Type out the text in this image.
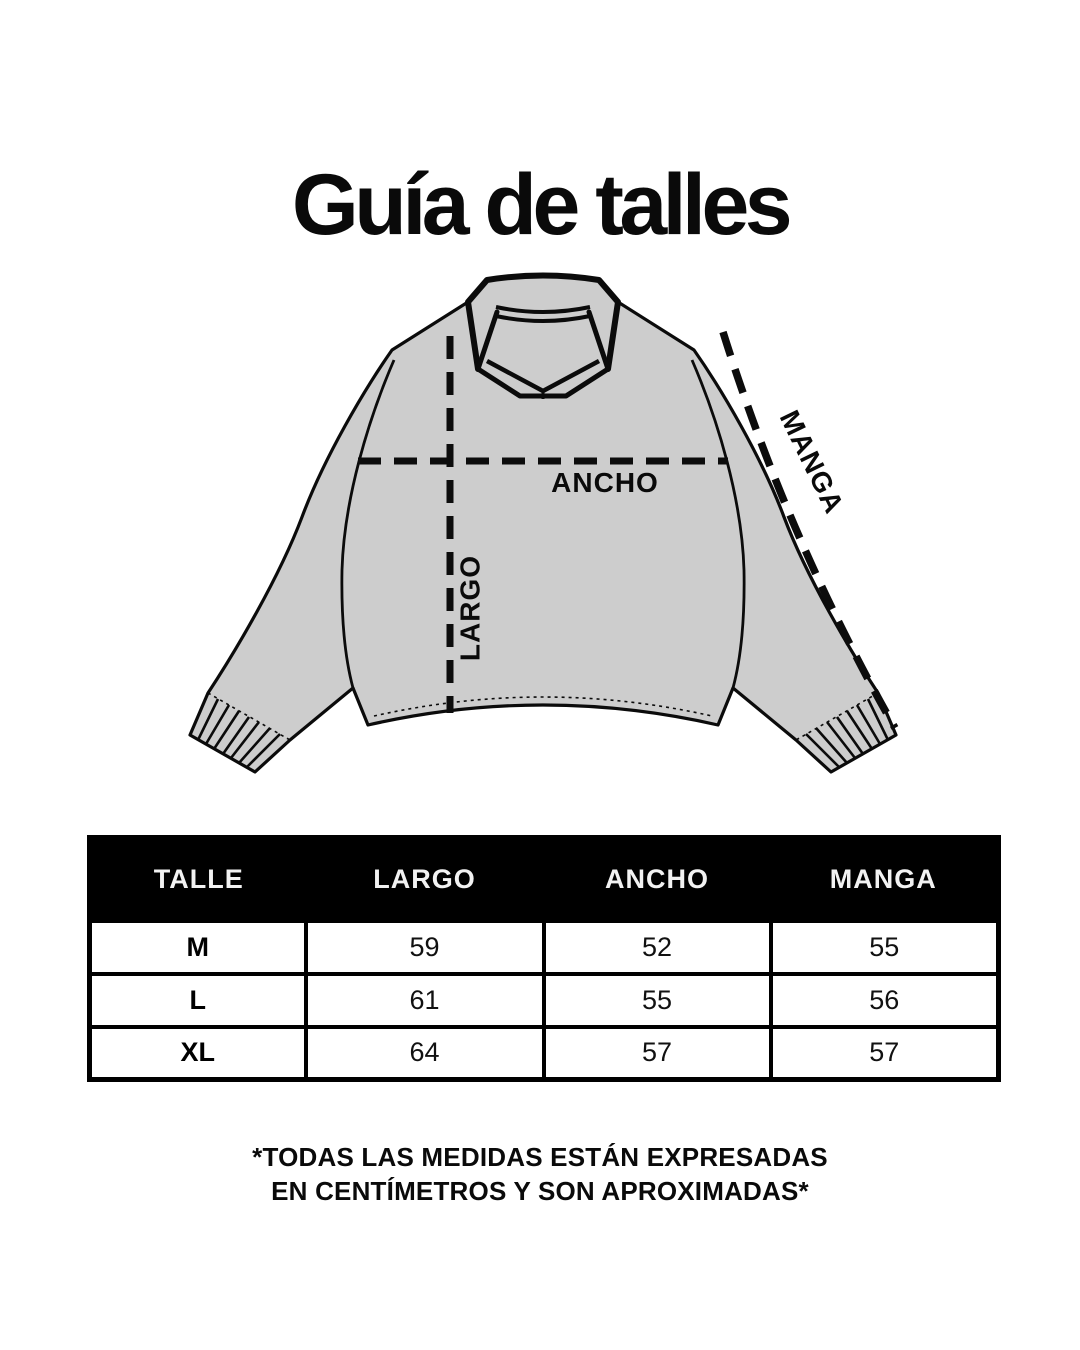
Guía de talles
ANCHO
LARGO
MANGA
TALLE	LARGO	ANCHO	MANGA
M	59	52	55
L	61	55	56
XL	64	57	57
*TODAS LAS MEDIDAS ESTÁN EXPRESADAS
EN CENTÍMETROS Y SON APROXIMADAS*
